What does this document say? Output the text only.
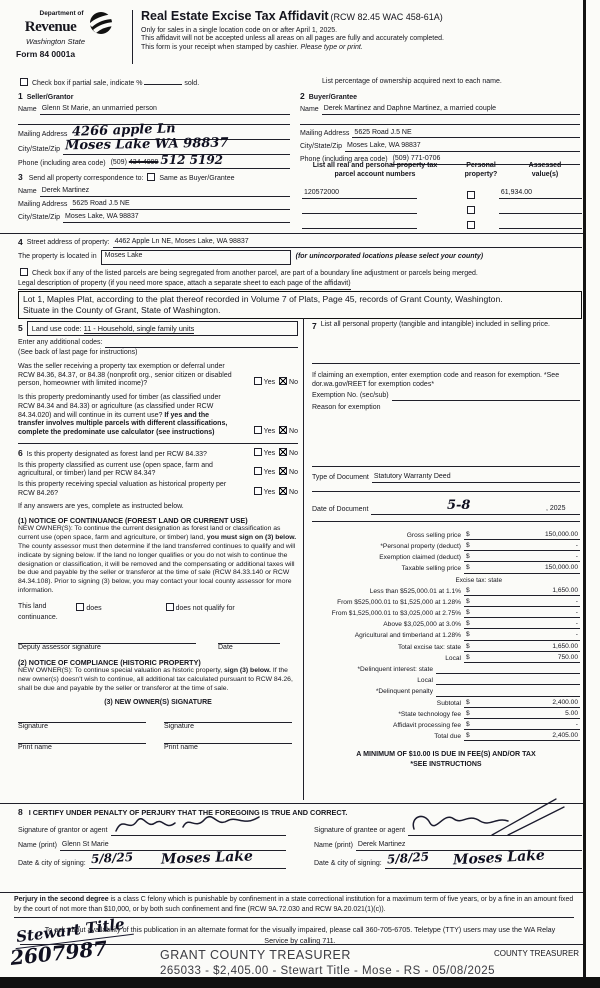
Department of
Revenue
Washington State
Form 84 0001a
Real Estate Excise Tax Affidavit (RCW 82.45 WAC 458-61A)
Only for sales in a single location code on or after April 1, 2025.
This affidavit will not be accepted unless all areas on all pages are fully and accurately completed.
This form is your receipt when stamped by cashier. Please type or print.
Check box if partial sale, indicate %	sold.	List percentage of ownership acquired next to each name.
1 Seller/Grantor
Name Glenn St Marie, an unmarried person
Mailing Address 4266 apple Ln
City/State/Zip Moses Lake WA 98837
Phone (including area code) (509) 434-4999 512 5192
2 Buyer/Grantee
Name Derek Martinez and Daphne Martinez, a married couple
Mailing Address 5625 Road J.5 NE
City/State/Zip Moses Lake, WA 98837
Phone (including area code) (509) 771-0706
3 Send all property correspondence to: Same as Buyer/Grantee
Name Derek Martinez
Mailing Address 5625 Road J.5 NE
City/State/Zip Moses Lake, WA 98837
List all real and personal property tax
parcel account numbers
Personal
property?
Assessed
value(s)
120572000	61,934.00
4 Street address of property: 4462 Apple Ln NE, Moses Lake, WA 98837
The property is located in	Moses Lake	(for unincorporated locations please select your county)
Check box if any of the listed parcels are being segregated from another parcel, are part of a boundary line adjustment or parcels being merged.
Legal description of property (if you need more space, attach a separate sheet to each page of the affidavit)
Lot 1, Maples Plat, according to the plat thereof recorded in Volume 7 of Plats, Page 45, records of Grant County, Washington.
Situate in the County of Grant, State of Washington.
5	Land use code: 11 - Household, single family units	7 List all personal property (tangible and intangible) included in selling price.
Enter any additional codes:
(See back of last page for instructions)
Was the seller receiving a property tax exemption or deferral under RCW 84.36, 84.37, or 84.38 (nonprofit org., senior citizen or disabled person, homeowner with limited income)?	Yes No
Is this property predominantly used for timber (as classified under RCW 84.34 and 84.33) or agriculture (as classified under RCW 84.34.020) and will continue in its current use? If yes and the transfer involves multiple parcels with different classifications, complete the predominate use calculator (see instructions)	Yes No
6 Is this property designated as forest land per RCW 84.33?	Yes No
Is this property classified as current use (open space, farm and agricultural, or timber) land per RCW 84.34?	Yes No
Is this property receiving special valuation as historical property per RCW 84.26?	Yes No
If any answers are yes, complete as instructed below.
(1) NOTICE OF CONTINUANCE (FOREST LAND OR CURRENT USE)
NEW OWNER(S): To continue the current designation as forest land or classification as current use (open space, farm and agriculture, or timber) land, you must sign on (3) below. The county assessor must then determine if the land transferred continues to qualify and will indicate by signing below. If the land no longer qualifies or you do not wish to continue the designation or classification, it will be removed and the compensating or additional taxes will be due and payable by the seller or transferor at the time of sale (RCW 84.33.140 or RCW 84.34.108). Prior to signing (3) below, you may contact your local county assessor for more information.
This land	does	does not qualify for
continuance.
Deputy assessor signature	Date
(2) NOTICE OF COMPLIANCE (HISTORIC PROPERTY)
NEW OWNER(S): To continue special valuation as historic property, sign (3) below. If the new owner(s) doesn't wish to continue, all additional tax calculated pursuant to RCW 84.26, shall be due and payable by the seller or transferor at the time of sale.
(3) NEW OWNER(S) SIGNATURE
Signature	Signature
Print name	Print name
If claiming an exemption, enter exemption code and reason for exemption. *See dor.wa.gov/REET for exemption codes*
Exemption No. (sec/sub)
Reason for exemption
Type of Document Statutory Warranty Deed
Date of Document	5-8	, 2025
Gross selling price $	150,000.00
*Personal property (deduct) $	-
Exemption claimed (deduct) $	-
Taxable selling price $	150,000.00
Excise tax: state
Less than $525,000.01 at 1.1% $	1,650.00
From $525,000.01 to $1,525,000 at 1.28% $	-
From $1,525,000.01 to $3,025,000 at 2.75% $	-
Above $3,025,000 at 3.0% $	-
Agricultural and timberland at 1.28% $	-
Total excise tax: state $	1,650.00
Local $	750.00
*Delinquent interest: state
Local
*Delinquent penalty
Subtotal $	2,400.00
*State technology fee $	5.00
Affidavit processing fee $	-
Total due $	2,405.00
A MINIMUM OF $10.00 IS DUE IN FEE(S) AND/OR TAX
*SEE INSTRUCTIONS
8 I CERTIFY UNDER PENALTY OF PERJURY THAT THE FOREGOING IS TRUE AND CORRECT.
Signature of grantor or agent
Name (print) Glenn St Marie
Date & city of signing: 5/8/25 Moses Lake
Signature of grantee or agent
Name (print) Derek Martinez
Date & city of signing: 5/8/25 Moses Lake
Perjury in the second degree is a class C felony which is punishable by confinement in a state correctional institution for a maximum term of five years, or by a fine in an amount fixed by the court of not more than $10,000, or by both such confinement and fine (RCW 9A.72.030 and RCW 9A.20.021(1)(c)).
To ask about availability of this publication in an alternate format for the visually impaired, please call 360-705-6705. Teletype (TTY) users may use the WA Relay Service by calling 711.
Stewart Title
2607987	GRANT COUNTY TREASURER
265033 - $2,405.00 - Stewart Title - Mose - RS - 05/08/2025
COUNTY TREASURER
